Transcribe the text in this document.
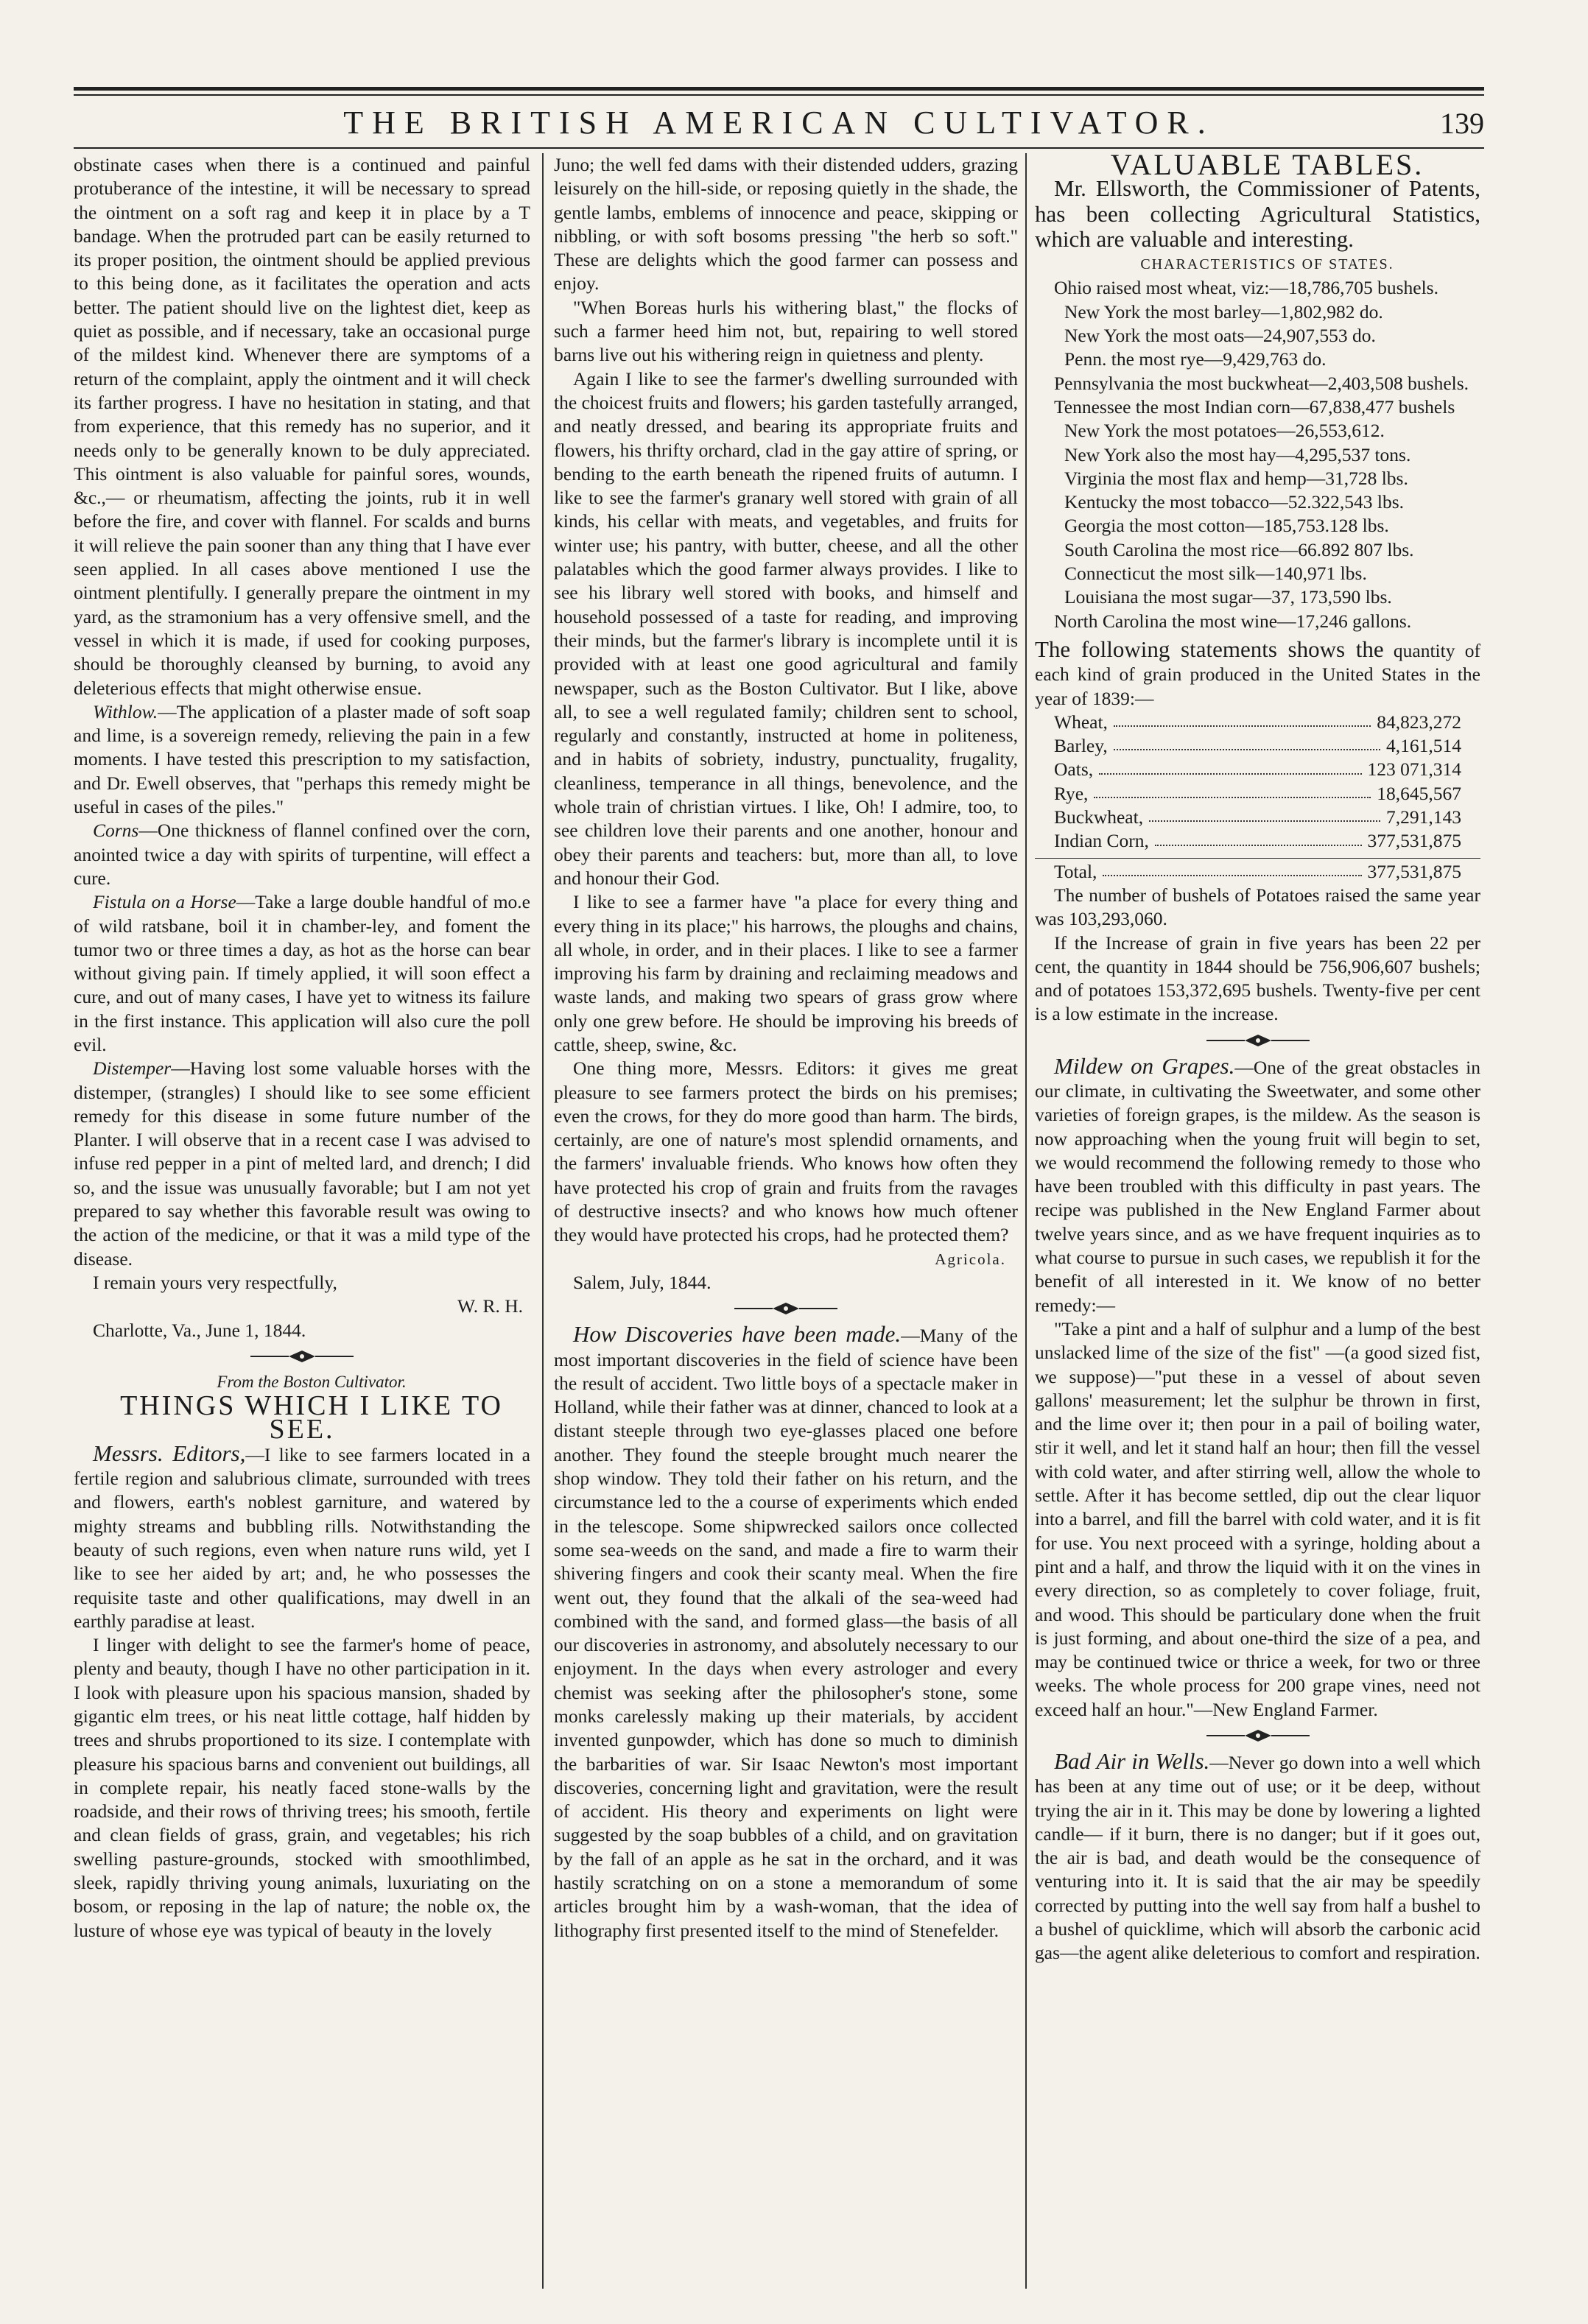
THE BRITISH AMERICAN CULTIVATOR.	139

obstinate cases when there is a continued and painful protuberance of the intestine, it will be necessary to spread the ointment on a soft rag and keep it in place by a T bandage. When the protruded part can be easily returned to its proper position, the ointment should be applied previous to this being done, as it facilitates the operation and acts better. The patient should live on the lightest diet, keep as quiet as possible, and if necessary, take an occasional purge of the mildest kind. Whenever there are symptoms of a return of the complaint, apply the ointment and it will check its farther progress. I have no hesitation in stating, and that from experience, that this remedy has no superior, and it needs only to be generally known to be duly appreciated. This ointment is also valuable for painful sores, wounds, &c.,— or rheumatism, affecting the joints, rub it in well before the fire, and cover with flannel. For scalds and burns it will relieve the pain sooner than any thing that I have ever seen applied. In all cases above mentioned I use the ointment plentifully. I generally prepare the ointment in my yard, as the stramonium has a very offensive smell, and the vessel in which it is made, if used for cooking purposes, should be thoroughly cleansed by burning, to avoid any deleterious effects that might otherwise ensue.

Withlow.—The application of a plaster made of soft soap and lime, is a sovereign remedy, relieving the pain in a few moments. I have tested this prescription to my satisfaction, and Dr. Ewell observes, that "perhaps this remedy might be useful in cases of the piles."

Corns—One thickness of flannel confined over the corn, anointed twice a day with spirits of turpentine, will effect a cure.

Fistula on a Horse—Take a large double handful of mo.e of wild ratsbane, boil it in chamber-ley, and foment the tumor two or three times a day, as hot as the horse can bear without giving pain. If timely applied, it will soon effect a cure, and out of many cases, I have yet to witness its failure in the first instance. This application will also cure the poll evil.

Distemper—Having lost some valuable horses with the distemper, (strangles) I should like to see some efficient remedy for this disease in some future number of the Planter. I will observe that in a recent case I was advised to infuse red pepper in a pint of melted lard, and drench; I did so, and the issue was unusually favorable; but I am not yet prepared to say whether this favorable result was owing to the action of the medicine, or that it was a mild type of the disease.

I remain yours very respectfully,

W. R. H.

Charlotte, Va., June 1, 1844.

From the Boston Cultivator.

THINGS WHICH I LIKE TO SEE.

Messrs. Editors,—I like to see farmers located in a fertile region and salubrious climate, surrounded with trees and flowers, earth's noblest garniture, and watered by mighty streams and bubbling rills. Notwithstanding the beauty of such regions, even when nature runs wild, yet I like to see her aided by art; and, he who possesses the requisite taste and other qualifications, may dwell in an earthly paradise at least.

I linger with delight to see the farmer's home of peace, plenty and beauty, though I have no other participation in it. I look with pleasure upon his spacious mansion, shaded by gigantic elm trees, or his neat little cottage, half hidden by trees and shrubs proportioned to its size. I contemplate with pleasure his spacious barns and convenient out buildings, all in complete repair, his neatly faced stone-walls by the roadside, and their rows of thriving trees; his smooth, fertile and clean fields of grass, grain, and vegetables; his rich swelling pasture-grounds, stocked with smoothlimbed, sleek, rapidly thriving young animals, luxuriating on the bosom, or reposing in the lap of nature; the noble ox, the lusture of whose eye was typical of beauty in the lovely

Juno; the well fed dams with their distended udders, grazing leisurely on the hill-side, or reposing quietly in the shade, the gentle lambs, emblems of innocence and peace, skipping or nibbling, or with soft bosoms pressing "the herb so soft." These are delights which the good farmer can possess and enjoy.

"When Boreas hurls his withering blast," the flocks of such a farmer heed him not, but, repairing to well stored barns live out his withering reign in quietness and plenty.

Again I like to see the farmer's dwelling surrounded with the choicest fruits and flowers; his garden tastefully arranged, and neatly dressed, and bearing its appropriate fruits and flowers, his thrifty orchard, clad in the gay attire of spring, or bending to the earth beneath the ripened fruits of autumn. I like to see the farmer's granary well stored with grain of all kinds, his cellar with meats, and vegetables, and fruits for winter use; his pantry, with butter, cheese, and all the other palatables which the good farmer always provides. I like to see his library well stored with books, and himself and household possessed of a taste for reading, and improving their minds, but the farmer's library is incomplete until it is provided with at least one good agricultural and family newspaper, such as the Boston Cultivator. But I like, above all, to see a well regulated family; children sent to school, regularly and constantly, instructed at home in politeness, and in habits of sobriety, industry, punctuality, frugality, cleanliness, temperance in all things, benevolence, and the whole train of christian virtues. I like, Oh! I admire, too, to see children love their parents and one another, honour and obey their parents and teachers: but, more than all, to love and honour their God.

I like to see a farmer have "a place for every thing and every thing in its place;" his harrows, the ploughs and chains, all whole, in order, and in their places. I like to see a farmer improving his farm by draining and reclaiming meadows and waste lands, and making two spears of grass grow where only one grew before. He should be improving his breeds of cattle, sheep, swine, &c.

One thing more, Messrs. Editors: it gives me great pleasure to see farmers protect the birds on his premises; even the crows, for they do more good than harm. The birds, certainly, are one of nature's most splendid ornaments, and the farmers' invaluable friends. Who knows how often they have protected his crop of grain and fruits from the ravages of destructive insects? and who knows how much oftener they would have protected his crops, had he protected them?

Agricola.

Salem, July, 1844.

How Discoveries have been made.—Many of the most important discoveries in the field of science have been the result of accident. Two little boys of a spectacle maker in Holland, while their father was at dinner, chanced to look at a distant steeple through two eye-glasses placed one before another. They found the steeple brought much nearer the shop window. They told their father on his return, and the circumstance led to the a course of experiments which ended in the telescope. Some shipwrecked sailors once collected some sea-weeds on the sand, and made a fire to warm their shivering fingers and cook their scanty meal. When the fire went out, they found that the alkali of the sea-weed had combined with the sand, and formed glass—the basis of all our discoveries in astronomy, and absolutely necessary to our enjoyment. In the days when every astrologer and every chemist was seeking after the philosopher's stone, some monks carelessly making up their materials, by accident invented gunpowder, which has done so much to diminish the barbarities of war. Sir Isaac Newton's most important discoveries, concerning light and gravitation, were the result of accident. His theory and experiments on light were suggested by the soap bubbles of a child, and on gravitation by the fall of an apple as he sat in the orchard, and it was hastily scratching on on a stone a memorandum of some articles brought him by a wash-woman, that the idea of lithography first presented itself to the mind of Stenefelder.

VALUABLE TABLES.

Mr. Ellsworth, the Commissioner of Patents, has been collecting Agricultural Statistics, which are valuable and interesting.

CHARACTERISTICS OF STATES.

Ohio raised most wheat, viz:—18,786,705 bushels.

New York the most barley—1,802,982 do.

New York the most oats—24,907,553 do.

Penn. the most rye—9,429,763 do.

Pennsylvania the most buckwheat—2,403,508 bushels.

Tennessee the most Indian corn—67,838,477 bushels

New York the most potatoes—26,553,612.

New York also the most hay—4,295,537 tons.

Virginia the most flax and hemp—31,728 lbs.

Kentucky the most tobacco—52.322,543 lbs.

Georgia the most cotton—185,753.128 lbs.

South Carolina the most rice—66.892 807 lbs.

Connecticut the most silk—140,971 lbs.

Louisiana the most sugar—37, 173,590 lbs.

North Carolina the most wine—17,246 gallons.

The following statements shows the quantity of each kind of grain produced in the United States in the year of 1839:—

Wheat,	84,823,272
Barley,	4,161,514
Oats,	123 071,314
Rye,	18,645,567
Buckwheat,	7,291,143
Indian Corn,	377,531,875
Total,	377,531,875

The number of bushels of Potatoes raised the same year was 103,293,060.

If the Increase of grain in five years has been 22 per cent, the quantity in 1844 should be 756,906,607 bushels; and of potatoes 153,372,695 bushels. Twenty-five per cent is a low estimate in the increase.

Mildew on Grapes.—One of the great obstacles in our climate, in cultivating the Sweetwater, and some other varieties of foreign grapes, is the mildew. As the season is now approaching when the young fruit will begin to set, we would recommend the following remedy to those who have been troubled with this difficulty in past years. The recipe was published in the New England Farmer about twelve years since, and as we have frequent inquiries as to what course to pursue in such cases, we republish it for the benefit of all interested in it. We know of no better remedy:—

"Take a pint and a half of sulphur and a lump of the best unslacked lime of the size of the fist" —(a good sized fist, we suppose)—"put these in a vessel of about seven gallons' measurement; let the sulphur be thrown in first, and the lime over it; then pour in a pail of boiling water, stir it well, and let it stand half an hour; then fill the vessel with cold water, and after stirring well, allow the whole to settle. After it has become settled, dip out the clear liquor into a barrel, and fill the barrel with cold water, and it is fit for use. You next proceed with a syringe, holding about a pint and a half, and throw the liquid with it on the vines in every direction, so as completely to cover foliage, fruit, and wood. This should be particulary done when the fruit is just forming, and about one-third the size of a pea, and may be continued twice or thrice a week, for two or three weeks. The whole process for 200 grape vines, need not exceed half an hour."—New England Farmer.

Bad Air in Wells.—Never go down into a well which has been at any time out of use; or it be deep, without trying the air in it. This may be done by lowering a lighted candle— if it burn, there is no danger; but if it goes out, the air is bad, and death would be the consequence of venturing into it. It is said that the air may be speedily corrected by putting into the well say from half a bushel to a bushel of quicklime, which will absorb the carbonic acid gas—the agent alike deleterious to comfort and respiration.
